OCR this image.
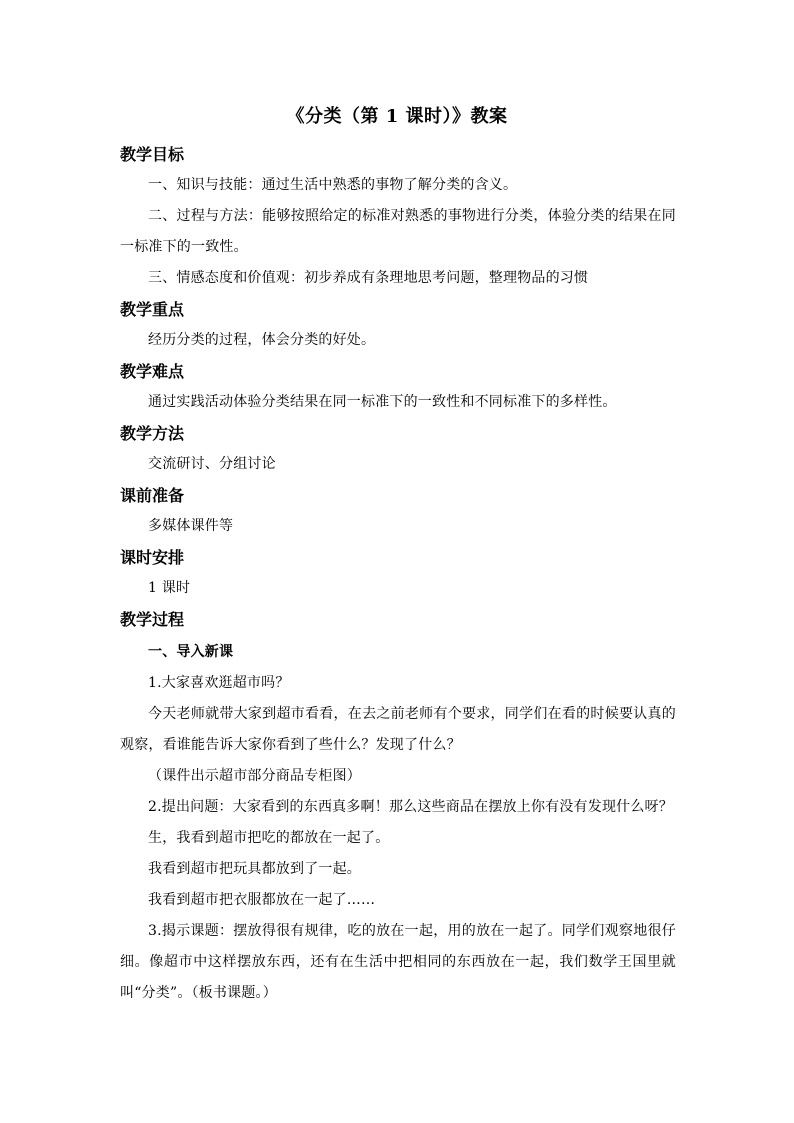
《分类（第 1 课时）》教案
教学目标
一、知识与技能：通过生活中熟悉的事物了解分类的含义。
二、过程与方法：能够按照给定的标准对熟悉的事物进行分类，体验分类的结果在同一标准下的一致性。
三、情感态度和价值观：初步养成有条理地思考问题，整理物品的习惯
教学重点
经历分类的过程，体会分类的好处。
教学难点
通过实践活动体验分类结果在同一标准下的一致性和不同标准下的多样性。
教学方法
交流研讨、分组讨论
课前准备
多媒体课件等
课时安排
1 课时
教学过程
一、导入新课
1.大家喜欢逛超市吗？
今天老师就带大家到超市看看，在去之前老师有个要求，同学们在看的时候要认真的观察，看谁能告诉大家你看到了些什么？发现了什么？
（课件出示超市部分商品专柜图）
2.提出问题：大家看到的东西真多啊！那么这些商品在摆放上你有没有发现什么呀？
生，我看到超市把吃的都放在一起了。
我看到超市把玩具都放到了一起。
我看到超市把衣服都放在一起了……
3.揭示课题：摆放得很有规律，吃的放在一起，用的放在一起了。同学们观察地很仔细。像超市中这样摆放东西，还有在生活中把相同的东西放在一起，我们数学王国里就叫“分类”。（板书课题。）
